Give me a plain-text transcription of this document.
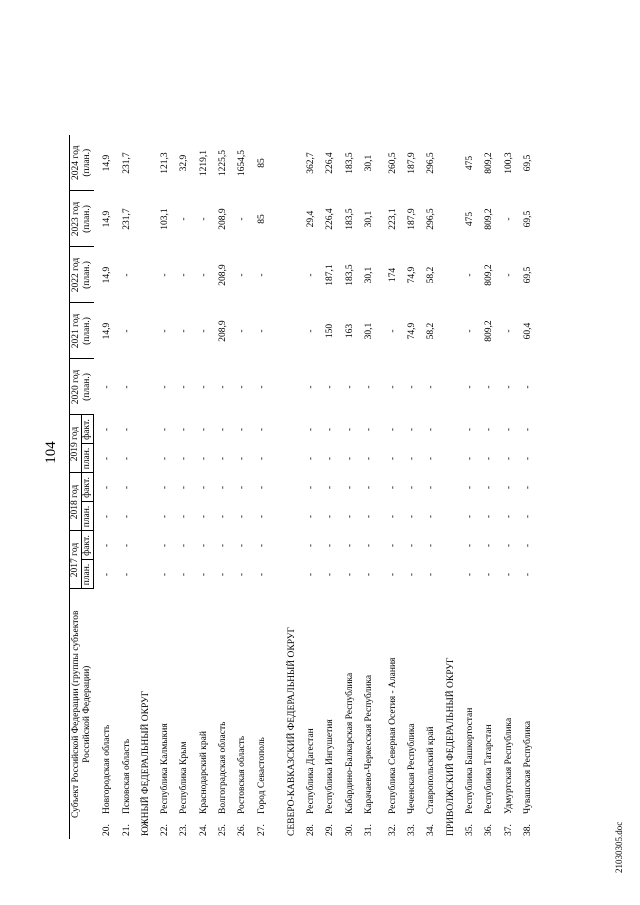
104
Субъект Российской Федерации (группы субъектов Российской Федерации)	2017 год		2018 год		2019 год		2020 год (план.)	2021 год (план.)	2022 год (план.)	2023 год (план.)	2024 год (план.)
	план.	факт.	план.	факт.	план.	факт.					
20.Новгородская область	-	-	-	-	-	-	-	14,9	14,9	14,9	14,9
21.Псковская область	-	-	-	-	-	-	-	-	-	231,7	231,7
ЮЖНЫЙ ФЕДЕРАЛЬНЫЙ ОКРУГ											
22.Республика Калмыкия	-	-	-	-	-	-	-	-	-	103,1	121,3
23.Республика Крым	-	-	-	-	-	-	-	-	-	-	32,9
24.Краснодарский край	-	-	-	-	-	-	-	-	-	-	1219,1
25.Волгоградская область	-	-	-	-	-	-	-	208,9	208,9	208,9	1225,5
26.Ростовская область	-	-	-	-	-	-	-	-	-	-	1654,5
27.Город Севастополь	-	-	-	-	-	-	-	-	-	85	85
СЕВЕРО-КАВКАЗСКИЙ ФЕДЕРАЛЬНЫЙ ОКРУГ											
28.Республика Дагестан	-	-	-	-	-	-	-	-	-	29,4	362,7
29.Республика Ингушетия	-	-	-	-	-	-	-	150	187,1	226,4	226,4
30.Кабардино-Балкарская Республика	-	-	-	-	-	-	-	163	183,5	183,5	183,5
31.Карачаево-Черкесская Республика	-	-	-	-	-	-	-	30,1	30,1	30,1	30,1
32.Республика Северная Осетия - Алания	-	-	-	-	-	-	-	-	174	223,1	260,5
33.Чеченская Республика	-	-	-	-	-	-	-	74,9	74,9	187,9	187,9
34.Ставропольский край	-	-	-	-	-	-	-	58,2	58,2	296,5	296,5
ПРИВОЛЖСКИЙ ФЕДЕРАЛЬНЫЙ ОКРУГ											
35.Республика Башкортостан	-	-	-	-	-	-	-	-	-	475	475
36.Республика Татарстан	-	-	-	-	-	-	-	809,2	809,2	809,2	809,2
37.Удмуртская Республика	-	-	-	-	-	-	-	-	-	-	100,3
38.Чувашская Республика	-	-	-	-	-	-	-	60,4	69,5	69,5	69,5
21030305.doc
